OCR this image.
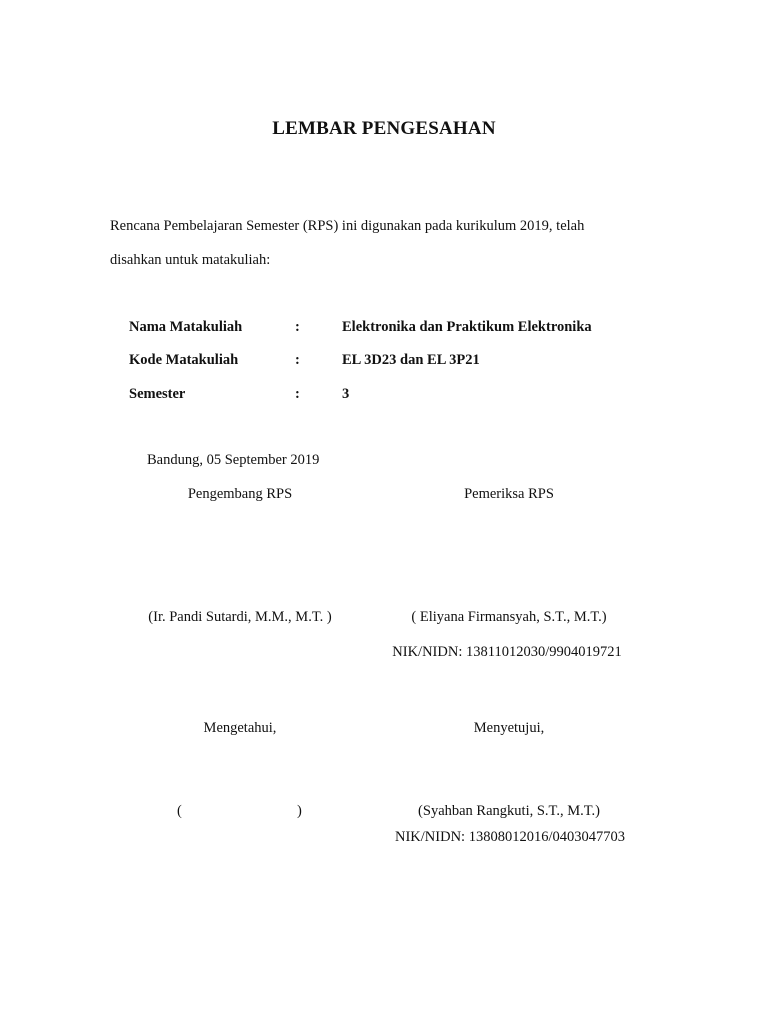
LEMBAR PENGESAHAN
Rencana Pembelajaran Semester (RPS) ini digunakan pada kurikulum 2019, telah
disahkan untuk matakuliah:
Nama Matakuliah	:	Elektronika dan Praktikum Elektronika
Kode Matakuliah	:	EL 3D23 dan EL 3P21
Semester	:	3
Bandung, 05 September 2019
Pengembang RPS	Pemeriksa RPS
(Ir. Pandi Sutardi, M.M., M.T. )	( Eliyana Firmansyah, S.T., M.T.)
NIK/NIDN: 13811012030/9904019721
Mengetahui,	Menyetujui,
(	)	(Syahban Rangkuti, S.T., M.T.)
NIK/NIDN: 13808012016/0403047703
